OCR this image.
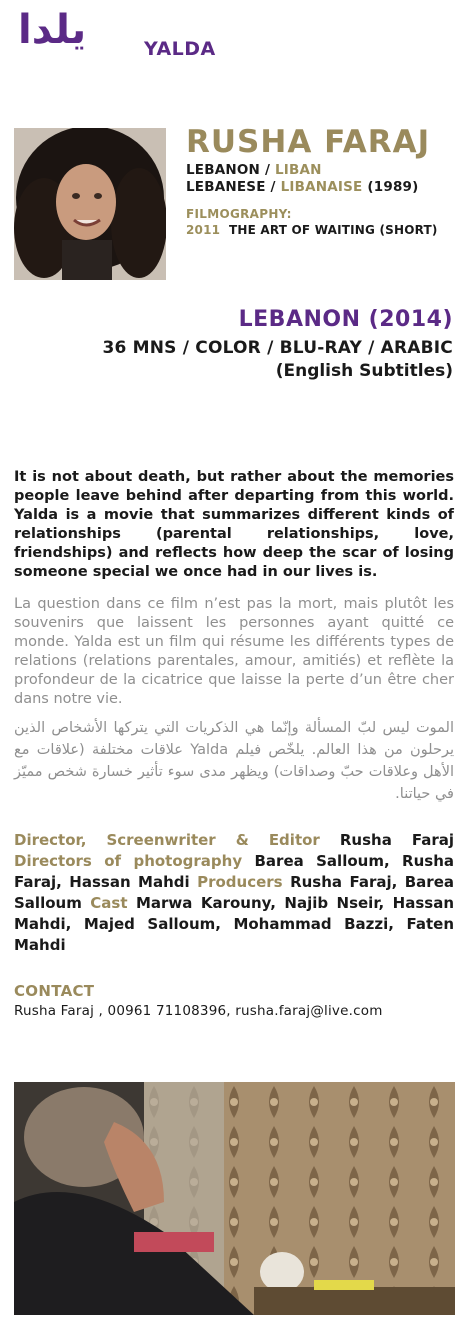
يلدا	YALDA
RUSHA FARAJ
LEBANON / LIBAN
LEBANESE / LIBANAISE (1989)
FILMOGRAPHY:
2011 THE ART OF WAITING (SHORT)
LEBANON (2014)
36 MNS / COLOR / BLU-RAY / ARABIC
(English Subtitles)
It is not about death, but rather about the memories people leave behind after departing from this world. Yalda is a movie that summarizes different kinds of relationships (parental relationships, love, friendships) and reflects how deep the scar of losing someone special we once had in our lives is.
La question dans ce film n’est pas la mort, mais plutôt les souvenirs que laissent les personnes ayant quitté ce monde. Yalda est un film qui résume les différents types de relations (relations parentales, amour, amitiés) et reflète la profondeur de la cicatrice que laisse la perte d’un être cher dans notre vie.
الموت ليس لبّ المسألة وإنّما هي الذكريات التي يتركها الأشخاص الذين يرحلون من هذا العالم. يلخّص فيلم Yalda علاقات مختلفة (علاقات مع الأهل وعلاقات حبّ وصداقات) ويظهر مدى سوء تأثير خسارة شخص مميّز في حياتنا.
Director, Screenwriter & Editor Rusha Faraj Directors of photography Barea Salloum, Rusha Faraj, Hassan Mahdi Producers Rusha Faraj, Barea Salloum Cast Marwa Karouny, Najib Nseir, Hassan Mahdi, Majed Salloum, Mohammad Bazzi, Faten Mahdi
CONTACT
Rusha Faraj , 00961 71108396, rusha.faraj@live.com
